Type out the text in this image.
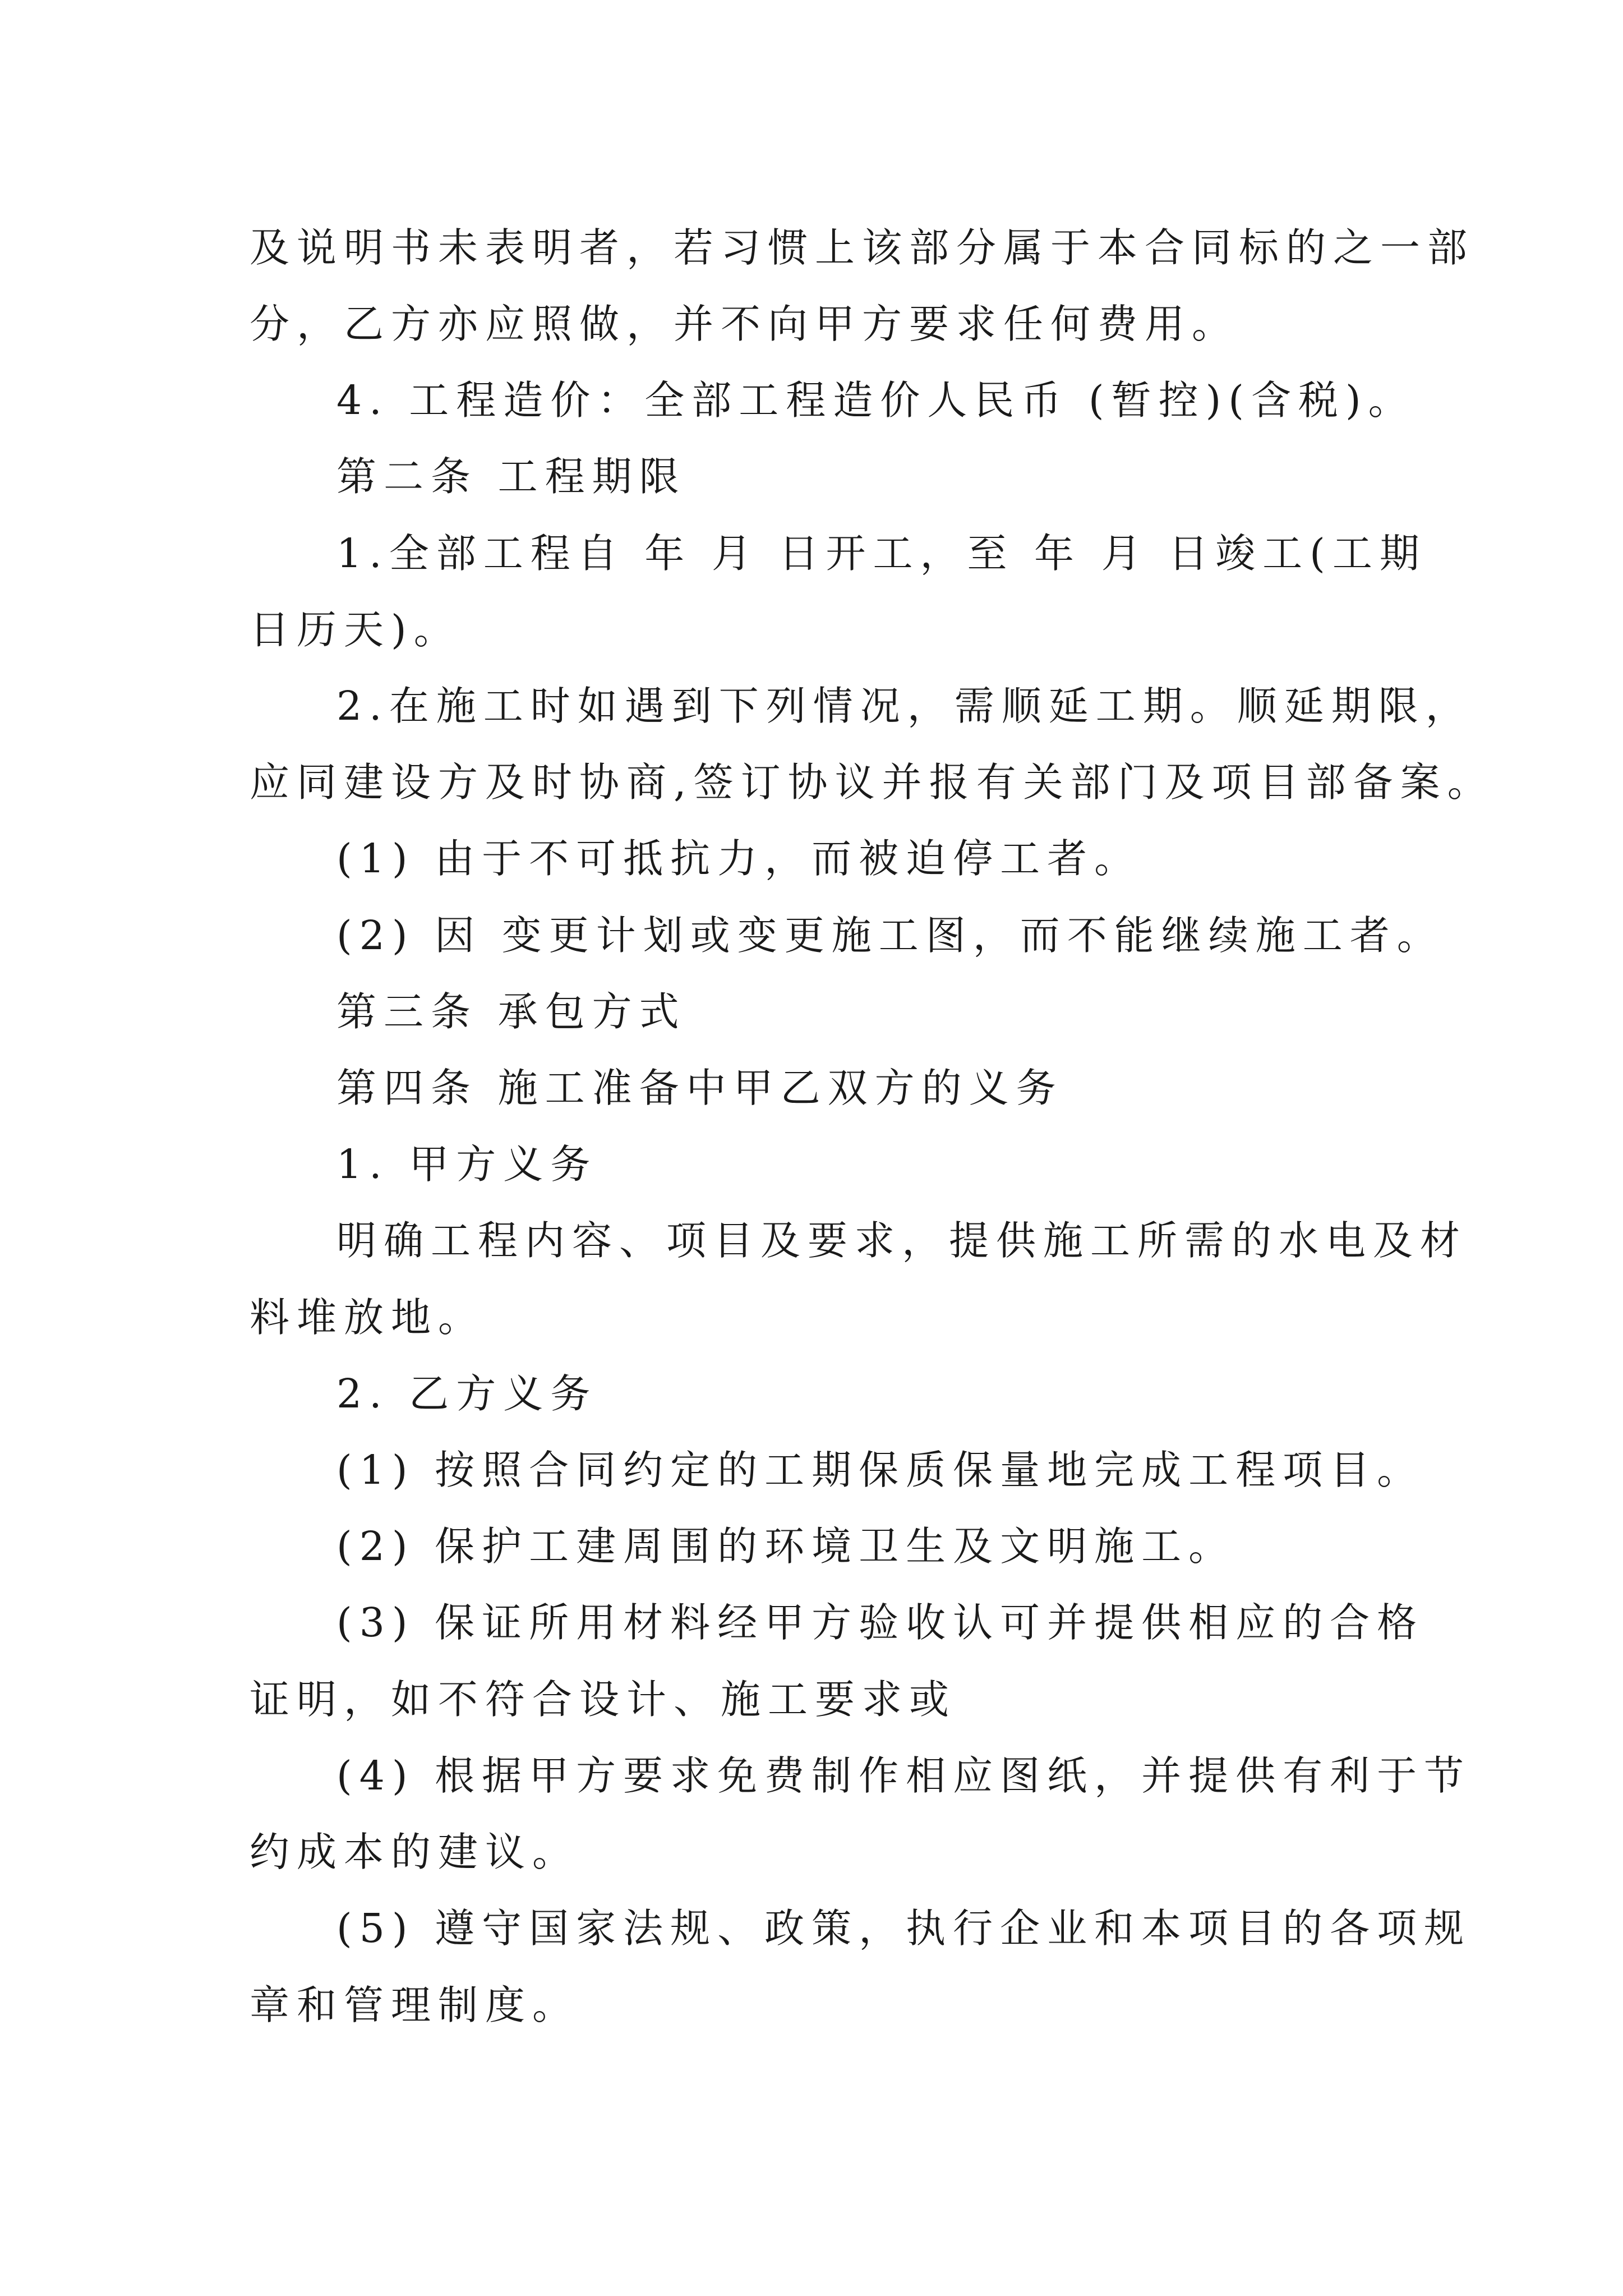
及说明书未表明者，若习惯上该部分属于本合同标的之一部
分，乙方亦应照做，并不向甲方要求任何费用。
4. 工程造价：全部工程造价人民币 (暂控)(含税)。
第二条 工程期限
1.全部工程自 年 月 日开工，至 年 月 日竣工(工期
日历天)。
2.在施工时如遇到下列情况，需顺延工期。顺延期限，
应同建设方及时协商,签订协议并报有关部门及项目部备案。
(1) 由于不可抵抗力，而被迫停工者。
(2) 因 变更计划或变更施工图，而不能继续施工者。
第三条 承包方式
第四条 施工准备中甲乙双方的义务
1. 甲方义务
明确工程内容、项目及要求，提供施工所需的水电及材
料堆放地。
2. 乙方义务
(1) 按照合同约定的工期保质保量地完成工程项目。
(2) 保护工建周围的环境卫生及文明施工。
(3) 保证所用材料经甲方验收认可并提供相应的合格
证明，如不符合设计、施工要求或
(4) 根据甲方要求免费制作相应图纸，并提供有利于节
约成本的建议。
(5) 遵守国家法规、政策，执行企业和本项目的各项规
章和管理制度。
